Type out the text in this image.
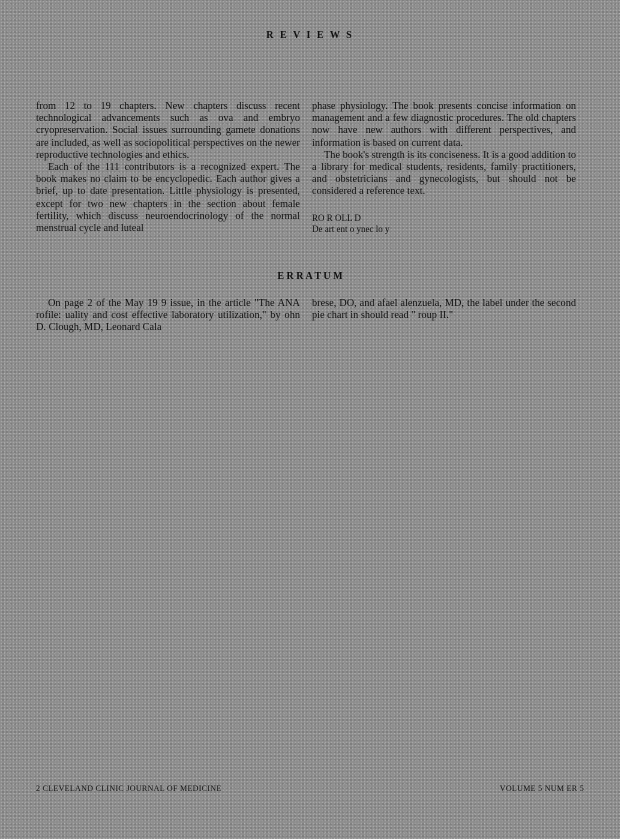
R E V I E W S

from 12 to 19 chapters. New chapters discuss recent technological advancements such as ova and embryo cryopreservation. Social issues surrounding gamete donations are included, as well as sociopolitical perspectives on the newer reproductive technologies and ethics.

Each of the 111 contributors is a recognized expert. The book makes no claim to be encyclopedic. Each author gives a brief, up to date presentation. Little physiology is presented, except for two new chapters in the section about female fertility, which discuss neuroendocrinology of the normal menstrual cycle and luteal

phase physiology. The book presents concise information on management and a few diagnostic procedures. The old chapters now have new authors with different perspectives, and information is based on current data.

The book's strength is its conciseness. It is a good addition to a library for medical students, residents, family practitioners, and obstetricians and gynecologists, but should not be considered a reference text.

RO R OLL D

De art ent o ynec lo y

E R R A T U M

On page 2 of the May 19 9 issue, in the article "The ANA rofile: uality and cost effective laboratory utilization," by ohn D. Clough, MD, Leonard Cala

brese, DO, and afael alenzuela, MD, the label under the second pie chart in should read " roup II."

2 CLEVELAND CLINIC JOURNAL OF MEDICINE	VOLUME 5 NUM ER 5
